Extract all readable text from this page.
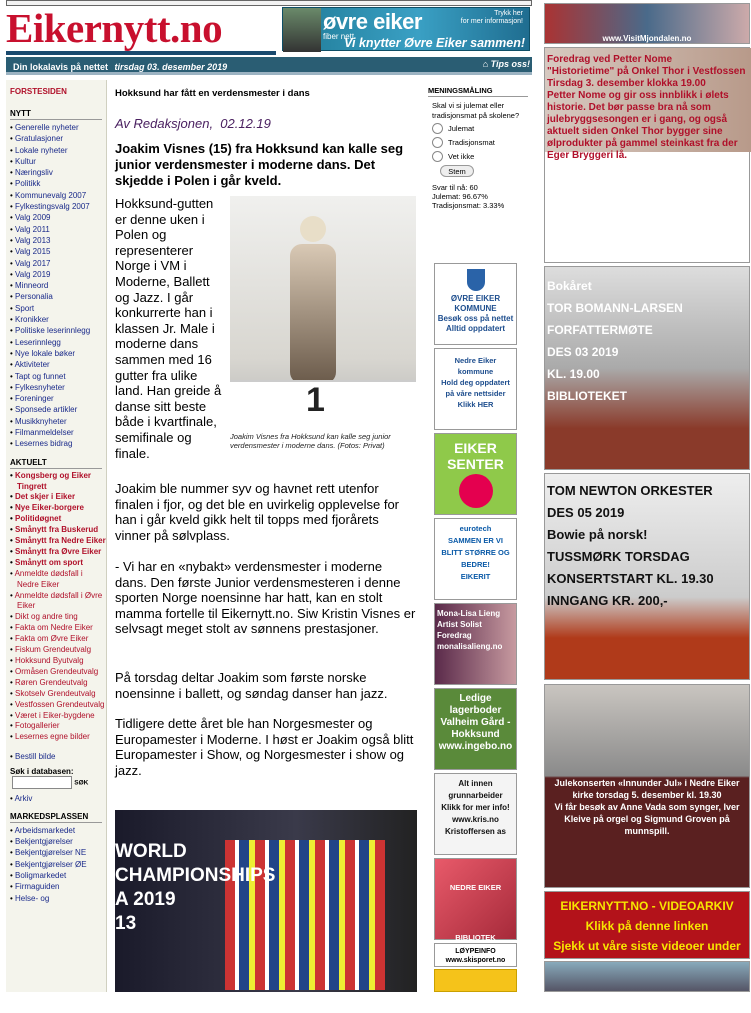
Eikernytt.no	øvre eiker
fiber nett
Trykk her
for mer informasjon!
Vi knytter Øvre Eiker sammen!
Din lokalavis på nettet tirsdag 03. desember 2019	⌂ Tips oss!
FORSTESIDEN
NYTT
• Generelle nyheter
• Gratulasjoner
• Lokale nyheter
• Kultur
• Næringsliv
• Politikk
• Kommunevalg 2007
• Fylkestingsvalg 2007
• Valg 2009
• Valg 2011
• Valg 2013
• Valg 2015
• Valg 2017
• Valg 2019
• Minneord
• Personalia
• Sport
• Kronikker
• Politiske leserinnlegg
• Leserinnlegg
• Nye lokale bøker
• Aktiviteter
• Tapt og funnet
• Fylkesnyheter
• Foreninger
• Sponsede artikler
• Musikknyheter
• Filmanmeldelser
• Lesernes bidrag
AKTUELT
• Kongsberg og Eiker Tingrett
• Det skjer i Eiker
• Nye Eiker-borgere
• Politidøgnet
• Smånytt fra Buskerud
• Smånytt fra Nedre Eiker
• Smånytt fra Øvre Eiker
• Smånytt om sport
• Anmeldte dødsfall i Nedre Eiker
• Anmeldte dødsfall i Øvre Eiker
• Dikt og andre ting
• Fakta om Nedre Eiker
• Fakta om Øvre Eiker
• Fiskum Grendeutvalg
• Hokksund Byutvalg
• Ormåsen Grendeutvalg
• Røren Grendeutvalg
• Skotselv Grendeutvalg
• Vestfossen Grendeutvalg
• Været i Eiker-bygdene
• Fotogallerier
• Lesernes egne bilder
• Bestill bilde
Søk i databasen:
SØK
• Arkiv
MARKEDSPLASSEN
• Arbeidsmarkedet
• Bekjentgjørelser
• Bekjentgjørelser NE
• Bekjentgjørelser ØE
• Boligmarkedet
• Firmaguiden
• Helse- og
Hokksund har fått en verdensmester i dans
Av Redaksjonen,  02.12.19
Joakim Visnes (15) fra Hokksund kan kalle seg junior verdensmester i moderne dans. Det skjedde i Polen i går kveld.
Hokksund-gutten er denne uken i Polen og representerer Norge i VM i Moderne, Ballett og Jazz. I går konkurrerte han i klassen Jr. Male i moderne dans sammen med 16 gutter fra ulike land. Han greide å danse sitt beste både i kvartfinale, semifinale og finale.
1
Joakim Visnes fra Hokksund kan kalle seg junior verdensmester i moderne dans. (Fotos: Privat)
Joakim ble nummer syv og havnet rett utenfor finalen i fjor, og det ble en uvirkelig opplevelse for han i går kveld gikk helt til topps med fjorårets vinner på sølvplass.
- Vi har en «nybakt» verdensmester i moderne dans. Den første Junior verdensmesteren i denne sporten Norge noensinne har hatt, kan en stolt mamma fortelle til Eikernytt.no. Siw Kristin Visnes er selvsagt meget stolt av sønnens prestasjoner.
På torsdag deltar Joakim som første norske noensinne i ballett, og søndag danser han jazz.
Tidligere dette året ble han Norgesmester og Europamester i Moderne. I høst er Joakim også blitt Europamester i Show, og Norgesmester i show og jazz.
WORLD
CHAMPIONSHIPS
A 2019
13
MENINGSMÅLING
Skal vi si julemat eller tradisjonsmat på skolene?
Julemat
Tradisjonsmat
Vet ikke
Stem
Svar til nå: 60
Julemat: 96.67%
Tradisjonsmat: 3.33%
ØVRE EIKER KOMMUNE
Besøk oss på nettet
Alltid oppdatert
Nedre Eiker kommune
Hold deg oppdatert på våre nettsider
Klikk HER
EIKER SENTER
eurotech
SAMMEN ER VI BLITT STØRRE OG BEDRE!
EIKERIT
Mona-Lisa Lieng
Artist Solist Foredrag
monalisalieng.no
Ledige lagerboder
Valheim Gård - Hokksund
www.ingebo.no
Alt innen grunnarbeider
Klikk for mer info!
www.kris.no
Kristoffersen as
NEDRE EIKER BIBLIOTEK

LØYPEINFO
www.skisporet.no
www.VisitMjondalen.no
Foredrag ved Petter Nome
"Historietime" på Onkel Thor i Vestfossen
Tirsdag 3. desember klokka 19.00
Petter Nome og gir oss innblikk i ølets historie. Det bør passe bra nå som julebryggsesongen er i gang, og også aktuelt siden Onkel Thor bygger sine ølprodukter på gammel steinkast fra der Eger Bryggeri lå.
Bokåret
TOR BOMANN-LARSEN
FORFATTERMØTE
DES 03 2019
KL. 19.00
BIBLIOTEKET
TOM NEWTON ORKESTER
DES 05 2019
Bowie på norsk!
TUSSMØRK TORSDAG
KONSERTSTART KL. 19.30
INNGANG KR. 200,-
Julekonserten «Innunder Jul» i Nedre Eiker kirke torsdag 5. desember kl. 19.30
Vi får besøk av Anne Vada som synger, Iver Kleive på orgel og Sigmund Groven på munnspill.
EIKERNYTT.NO - VIDEOARKIV
Klikk på denne linken
Sjekk ut våre siste videoer under
